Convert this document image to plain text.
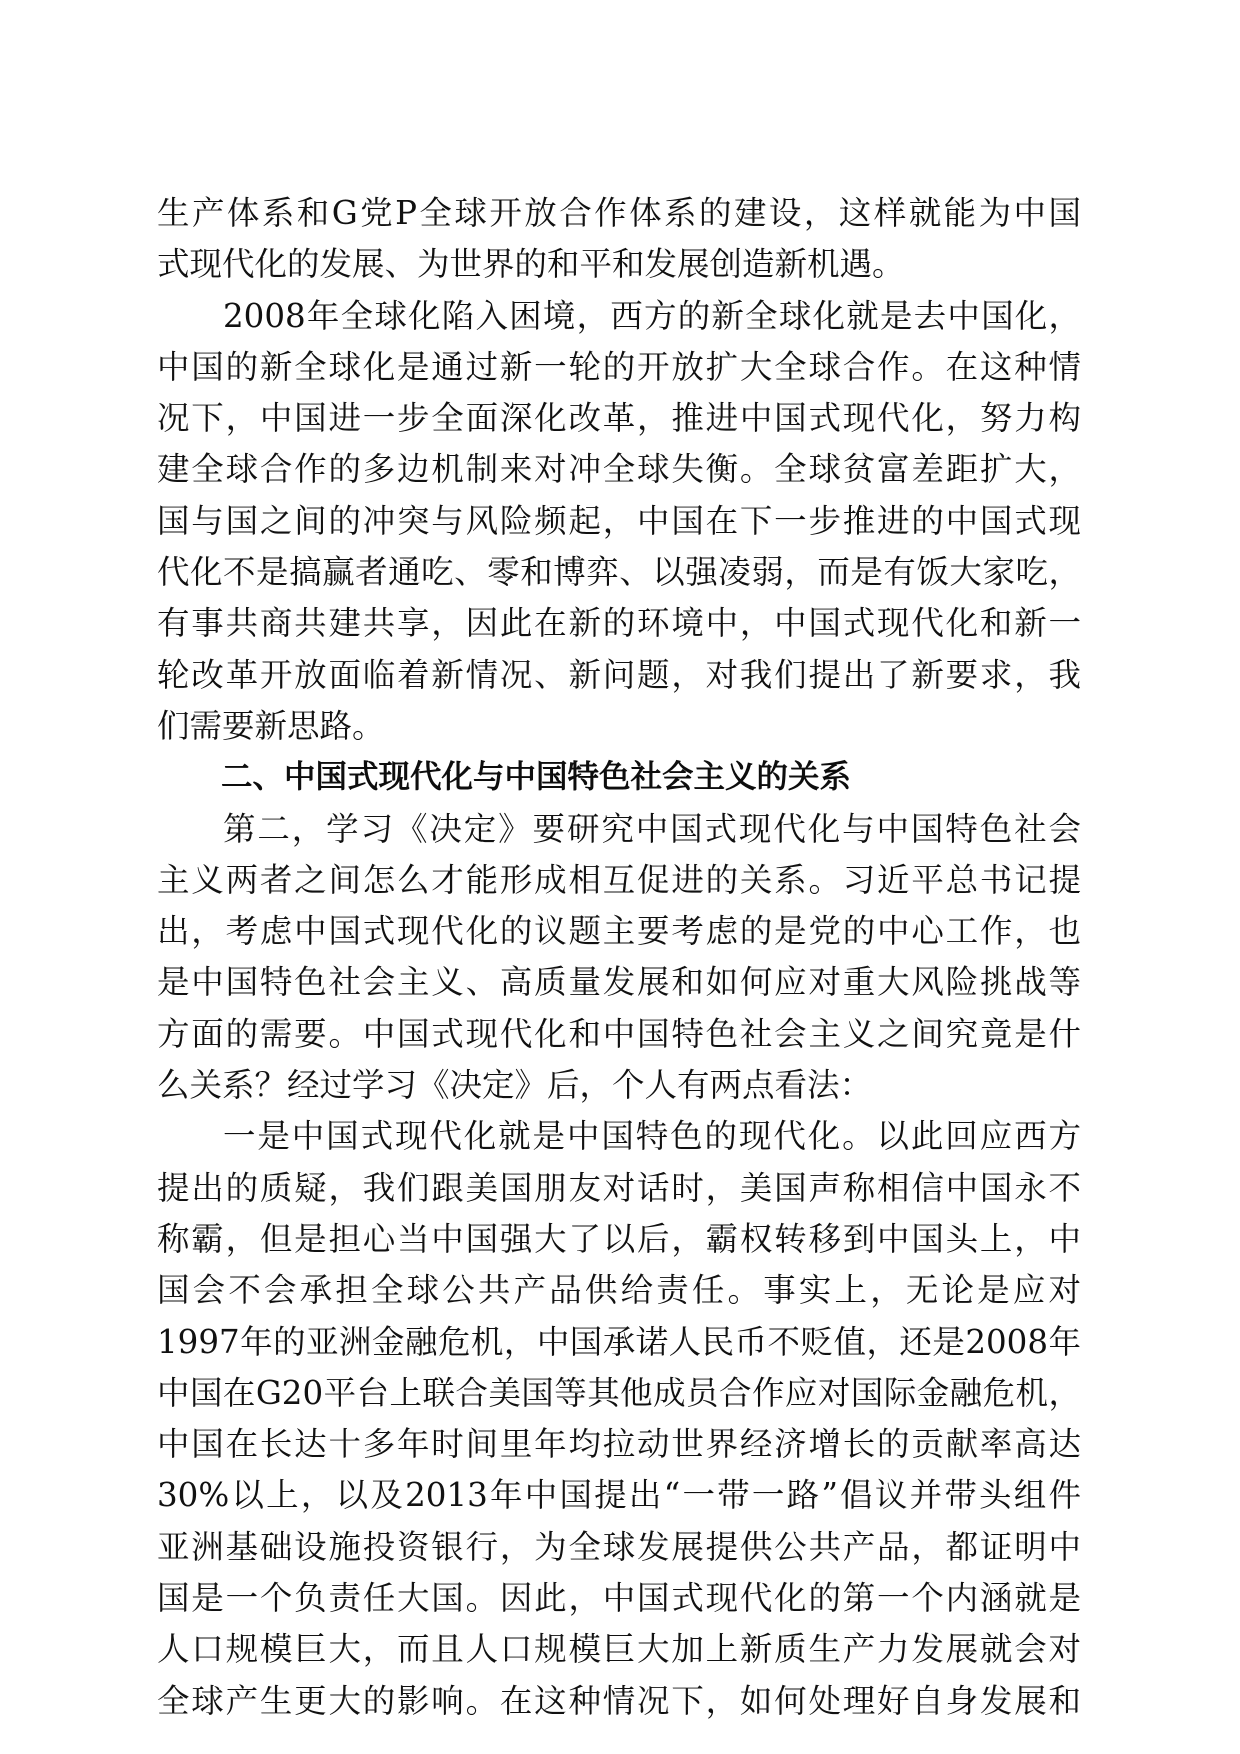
生产体系和G党P全球开放合作体系的建设，这样就能为中国
式现代化的发展、为世界的和平和发展创造新机遇。
2008年全球化陷入困境，西方的新全球化就是去中国化，
中国的新全球化是通过新一轮的开放扩大全球合作。在这种情
况下，中国进一步全面深化改革，推进中国式现代化，努力构
建全球合作的多边机制来对冲全球失衡。全球贫富差距扩大，
国与国之间的冲突与风险频起，中国在下一步推进的中国式现
代化不是搞赢者通吃、零和博弈、以强凌弱，而是有饭大家吃，
有事共商共建共享，因此在新的环境中，中国式现代化和新一
轮改革开放面临着新情况、新问题，对我们提出了新要求，我
们需要新思路。
二、中国式现代化与中国特色社会主义的关系
第二，学习《决定》要研究中国式现代化与中国特色社会
主义两者之间怎么才能形成相互促进的关系。习近平总书记提
出，考虑中国式现代化的议题主要考虑的是党的中心工作，也
是中国特色社会主义、高质量发展和如何应对重大风险挑战等
方面的需要。中国式现代化和中国特色社会主义之间究竟是什
么关系？经过学习《决定》后，个人有两点看法：
一是中国式现代化就是中国特色的现代化。以此回应西方
提出的质疑，我们跟美国朋友对话时，美国声称相信中国永不
称霸，但是担心当中国强大了以后，霸权转移到中国头上，中
国会不会承担全球公共产品供给责任。事实上，无论是应对
1997年的亚洲金融危机，中国承诺人民币不贬值，还是2008年
中国在G20平台上联合美国等其他成员合作应对国际金融危机，
中国在长达十多年时间里年均拉动世界经济增长的贡献率高达
30%以上，以及2013年中国提出“一带一路”倡议并带头组件
亚洲基础设施投资银行，为全球发展提供公共产品，都证明中
国是一个负责任大国。因此，中国式现代化的第一个内涵就是
人口规模巨大，而且人口规模巨大加上新质生产力发展就会对
全球产生更大的影响。在这种情况下，如何处理好自身发展和
